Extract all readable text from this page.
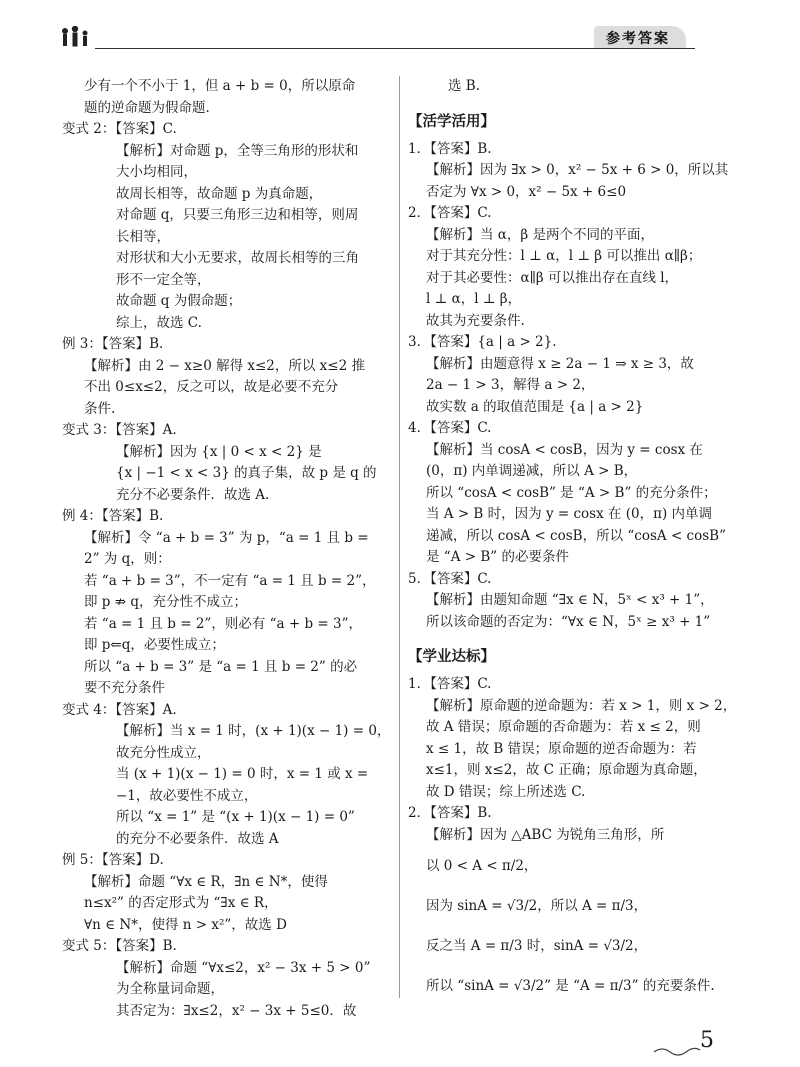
参考答案
少有一个不小于 1，但 a + b = 0，所以原命
题的逆命题为假命题.
变式 2：【答案】C.
【解析】对命题 p，全等三角形的形状和
大小均相同，
故周长相等，故命题 p 为真命题，
对命题 q，只要三角形三边和相等，则周
长相等，
对形状和大小无要求，故周长相等的三角
形不一定全等，
故命题 q 为假命题；
综上，故选 C.
例 3：【答案】B.
【解析】由 2 − x≥0 解得 x≤2，所以 x≤2 推
不出 0≤x≤2，反之可以，故是必要不充分
条件.
变式 3：【答案】A.
【解析】因为 {x | 0 < x < 2} 是
{x | −1 < x < 3} 的真子集，故 p 是 q 的
充分不必要条件．故选 A.
例 4：【答案】B.
【解析】令 “a + b = 3” 为 p，“a = 1 且 b =
2” 为 q，则：
若 “a + b = 3”，不一定有 “a = 1 且 b = 2”，
即 p ⇏ q，充分性不成立；
若 “a = 1 且 b = 2”，则必有 “a + b = 3”，
即 p⇐q，必要性成立；
所以 “a + b = 3” 是 “a = 1 且 b = 2” 的必
要不充分条件
变式 4：【答案】A.
【解析】当 x = 1 时，(x + 1)(x − 1) = 0，
故充分性成立，
当 (x + 1)(x − 1) = 0 时，x = 1 或 x =
−1，故必要性不成立，
所以 “x = 1” 是 “(x + 1)(x − 1) = 0”
的充分不必要条件．故选 A
例 5：【答案】D.
【解析】命题 “∀x ∈ R，∃n ∈ N*，使得
n≤x²” 的否定形式为 “∃x ∈ R，
∀n ∈ N*，使得 n > x²”，故选 D
变式 5：【答案】B.
【解析】命题 “∀x≤2，x² − 3x + 5 > 0”
为全称量词命题，
其否定为：∃x≤2，x² − 3x + 5≤0．故
选 B.
【活学活用】
1．【答案】B.
【解析】因为 ∃x > 0，x² − 5x + 6 > 0，所以其
否定为 ∀x > 0，x² − 5x + 6≤0
2．【答案】C.
【解析】当 α，β 是两个不同的平面，
对于其充分性：l ⊥ α，l ⊥ β 可以推出 α∥β；
对于其必要性：α∥β 可以推出存在直线 l，
l ⊥ α，l ⊥ β，
故其为充要条件.
3．【答案】{a | a > 2}.
【解析】由题意得 x ≥ 2a − 1 ⇒ x ≥ 3，故
2a − 1 > 3，解得 a > 2，
故实数 a 的取值范围是 {a | a > 2}
4．【答案】C.
【解析】当 cosA < cosB，因为 y = cosx 在
(0，π) 内单调递减，所以 A > B，
所以 “cosA < cosB” 是 “A > B” 的充分条件；
当 A > B 时，因为 y = cosx 在 (0，π) 内单调
递减，所以 cosA < cosB，所以 “cosA < cosB”
是 “A > B” 的必要条件
5．【答案】C.
【解析】由题知命题 “∃x ∈ N，5ˣ < x³ + 1”，
所以该命题的否定为：“∀x ∈ N，5ˣ ≥ x³ + 1”
【学业达标】
1．【答案】C.
【解析】原命题的逆命题为：若 x > 1，则 x > 2，
故 A 错误；原命题的否命题为：若 x ≤ 2，则
x ≤ 1，故 B 错误；原命题的逆否命题为：若
x≤1，则 x≤2，故 C 正确；原命题为真命题，
故 D 错误；综上所述选 C.
2．【答案】B.
【解析】因为 △ABC 为锐角三角形，所
以 0 < A < π/2，
因为 sinA = √3/2，所以 A = π/3，
反之当 A = π/3 时，sinA = √3/2，
所以 “sinA = √3/2” 是 “A = π/3” 的充要条件.
5
